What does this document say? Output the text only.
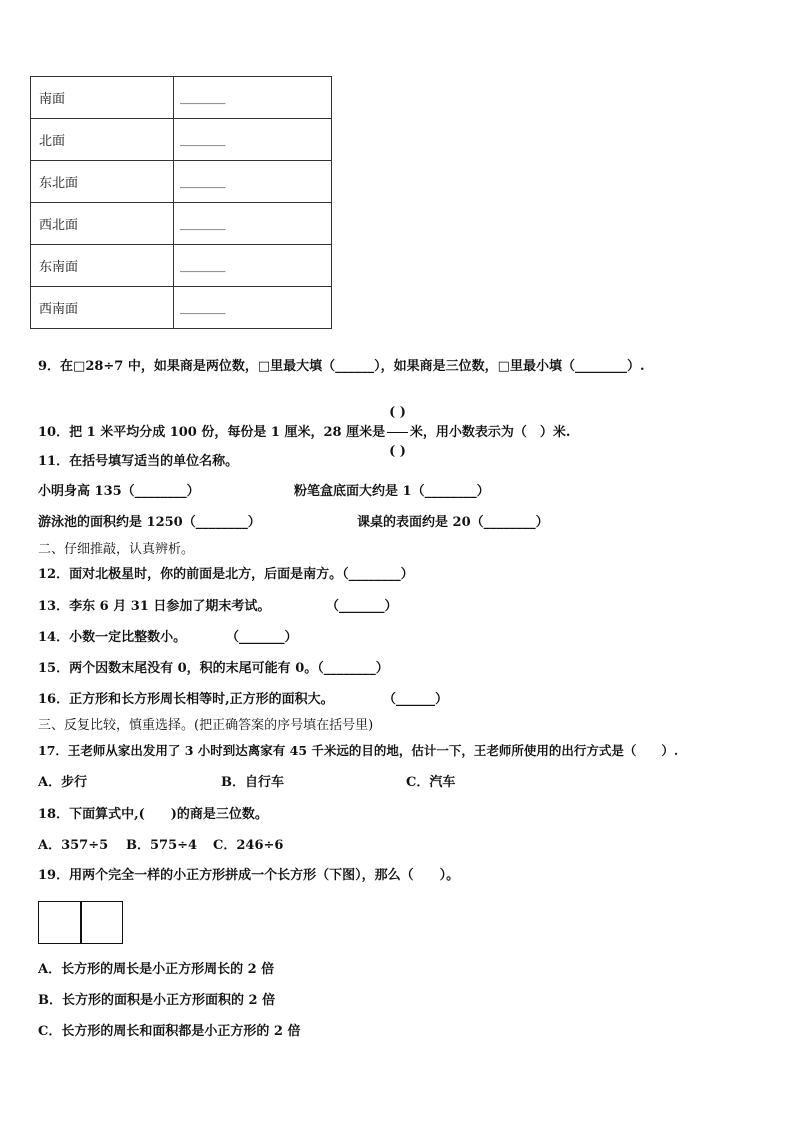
南面	_______
北面	_______
东北面	_______
西北面	_______
东南面	_______
西南面	_______
9．在□28÷7 中，如果商是两位数，□里最大填（______），如果商是三位数，□里最小填（________）.
10．把 1 米平均分成 100 份，每份是 1 厘米，28 厘米是 $\frac{( )}{( )}$ 米，用小数表示为（　）米.
11．在括号填写适当的单位名称。
小明身高 135（________）	粉笔盒底面大约是 1（________）
游泳池的面积约是 1250（________）	课桌的表面约是 20（________）
二、仔细推敲，认真辨析。
12．面对北极星时，你的前面是北方，后面是南方。（________）
13．李东 6 月 31 日参加了期末考试。	（_______）
14．小数一定比整数小。	（_______）
15．两个因数末尾没有 0，积的末尾可能有 0。（________）
16．正方形和长方形周长相等时,正方形的面积大。	（______）
三、反复比较，慎重选择。(把正确答案的序号填在括号里)
17．王老师从家出发用了 3 小时到达离家有 45 千米远的目的地，估计一下，王老师所使用的出行方式是（　　）.
A．步行	B．自行车	C．汽车
18．下面算式中,(　　)的商是三位数。
A．357÷5 B．575÷4 C．246÷6
19．用两个完全一样的小正方形拼成一个长方形（下图），那么（　　）。
A．长方形的周长是小正方形周长的 2 倍
B．长方形的面积是小正方形面积的 2 倍
C．长方形的周长和面积都是小正方形的 2 倍
